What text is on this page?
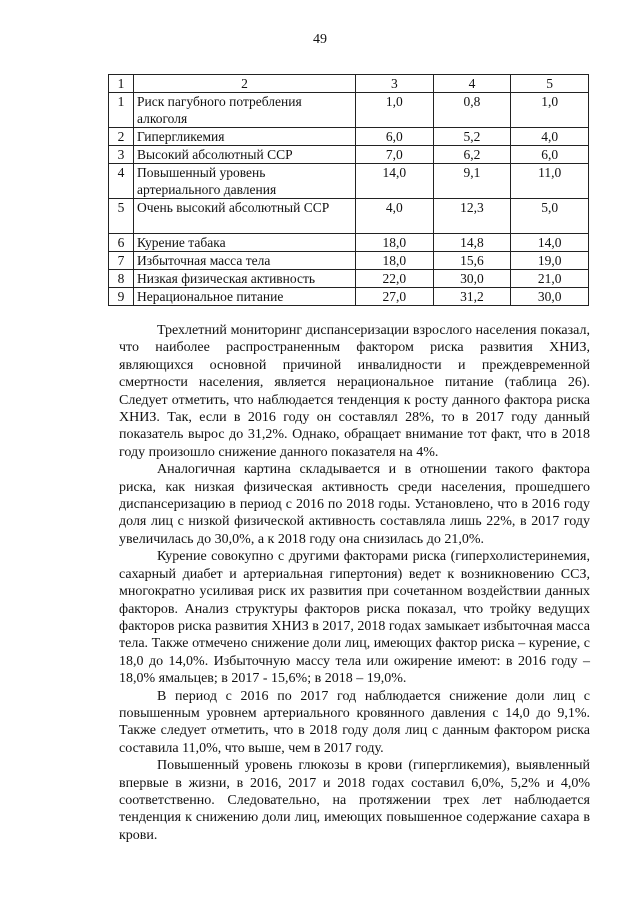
49
1	2	3	4	5
1	Риск пагубного потребления алкоголя	1,0	0,8	1,0
2	Гипергликемия	6,0	5,2	4,0
3	Высокий абсолютный ССР	7,0	6,2	6,0
4	Повышенный уровень артериального давления	14,0	9,1	11,0
5	Очень высокий абсолютный ССР	4,0	12,3	5,0
6	Курение табака	18,0	14,8	14,0
7	Избыточная масса тела	18,0	15,6	19,0
8	Низкая физическая активность	22,0	30,0	21,0
9	Нерациональное питание	27,0	31,2	30,0

Трехлетний мониторинг диспансеризации взрослого населения показал, что наиболее распространенным фактором риска развития ХНИЗ, являющихся основной причиной инвалидности и преждевременной смертности населения, является нерациональное питание (таблица 26). Следует отметить, что наблюдается тенденция к росту данного фактора риска ХНИЗ. Так, если в 2016 году он составлял 28%, то в 2017 году данный показатель вырос до 31,2%. Однако, обращает внимание тот факт, что в 2018 году произошло снижение данного показателя на 4%.

Аналогичная картина складывается и в отношении такого фактора риска, как низкая физическая активность среди населения, прошедшего диспансеризацию в период с 2016 по 2018 годы. Установлено, что в 2016 году доля лиц с низкой физической активность составляла лишь 22%, в 2017 году увеличилась до 30,0%, а к 2018 году она снизилась до 21,0%.

Курение совокупно с другими факторами риска (гиперхолистеринемия, сахарный диабет и артериальная гипертония) ведет к возникновению ССЗ, многократно усиливая риск их развития при сочетанном воздействии данных факторов. Анализ структуры факторов риска показал, что тройку ведущих факторов риска развития ХНИЗ в 2017, 2018 годах замыкает избыточная масса тела. Также отмечено снижение доли лиц, имеющих фактор риска – курение, с 18,0 до 14,0%. Избыточную массу тела или ожирение имеют: в 2016 году – 18,0% ямальцев; в 2017 - 15,6%; в 2018 – 19,0%.

В период с 2016 по 2017 год наблюдается снижение доли лиц с повышенным уровнем артериального кровянного давления с 14,0 до 9,1%. Также следует отметить, что в 2018 году доля лиц с данным фактором риска составила 11,0%, что выше, чем в 2017 году.

Повышенный уровень глюкозы в крови (гипергликемия), выявленный впервые в жизни, в 2016, 2017 и 2018 годах составил 6,0%, 5,2% и 4,0% соответственно. Следовательно, на протяжении трех лет наблюдается тенденция к снижению доли лиц, имеющих повышенное содержание сахара в крови.
